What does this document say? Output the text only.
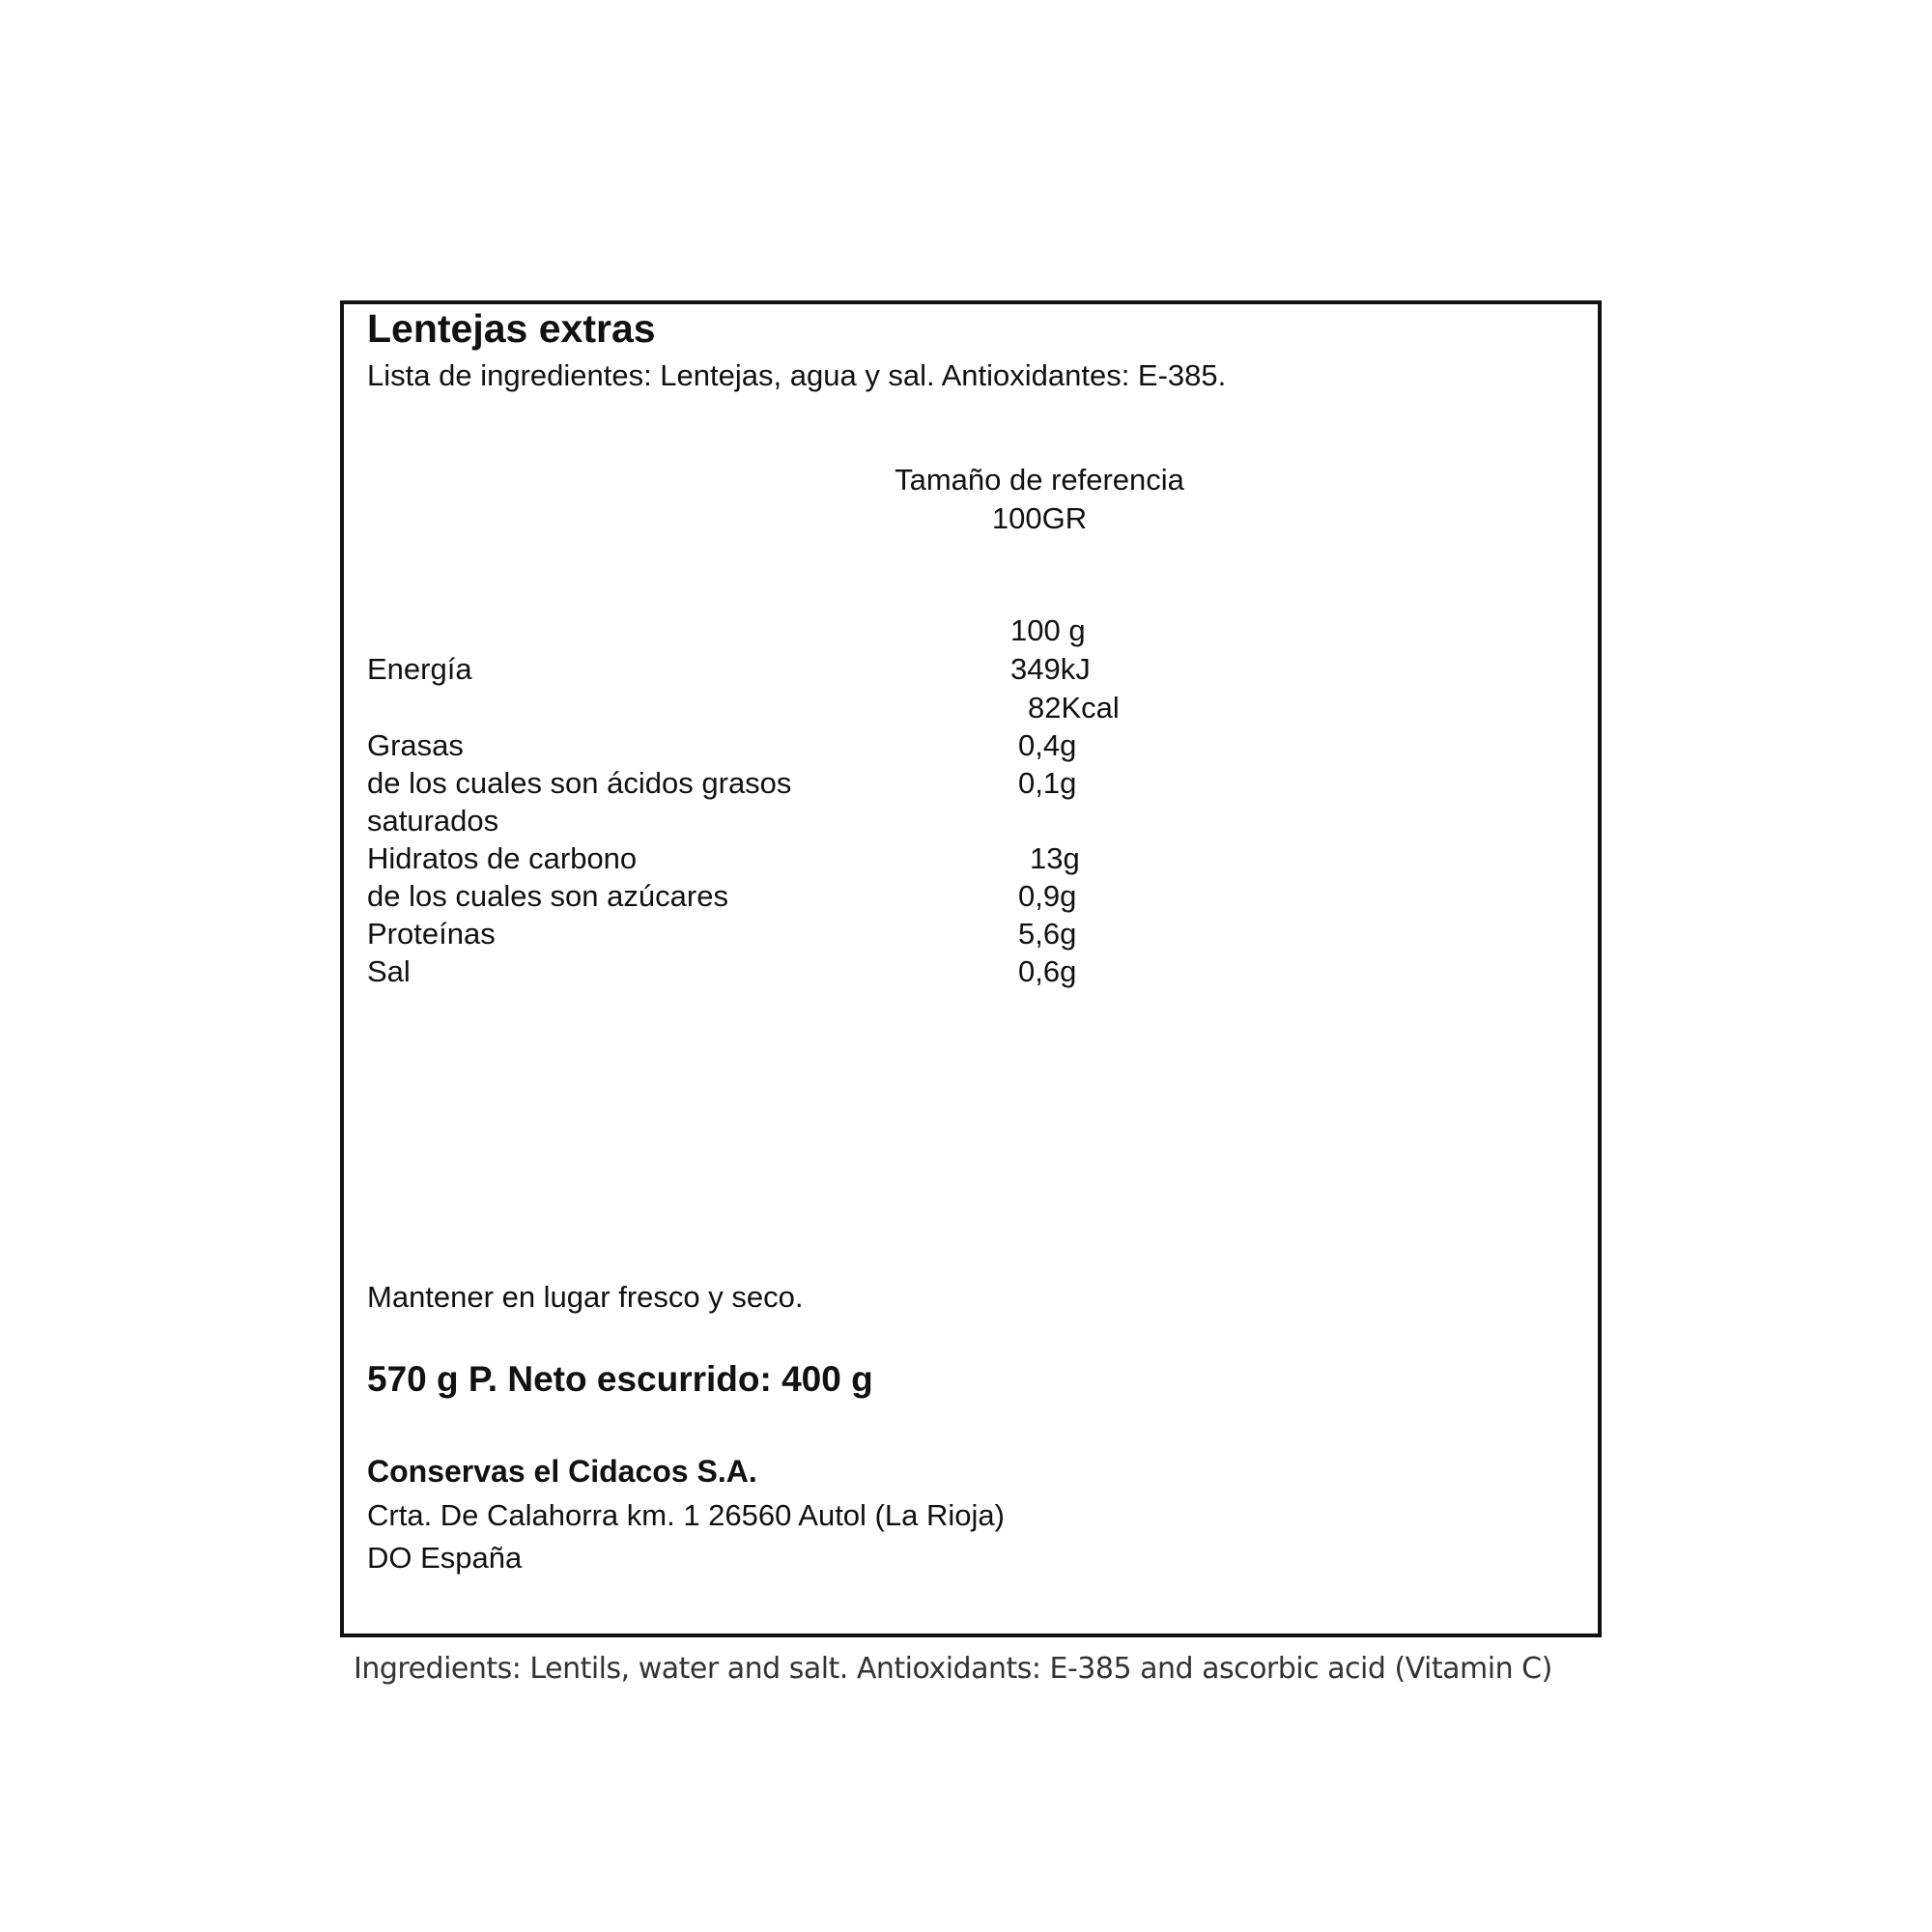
Lentejas extras
Lista de ingredientes: Lentejas, agua y sal. Antioxidantes: E-385.
Tamaño de referencia
100GR
100 g
Energía	349kJ
82Kcal
Grasas	0,4g
de los cuales son ácidos grasos	0,1g
saturados
Hidratos de carbono	13g
de los cuales son azúcares	0,9g
Proteínas	5,6g
Sal	0,6g
Mantener en lugar fresco y seco.
570 g P. Neto escurrido: 400 g
Conservas el Cidacos S.A.
Crta. De Calahorra km. 1 26560 Autol (La Rioja)
DO España
Ingredients: Lentils, water and salt. Antioxidants: E-385 and ascorbic acid (Vitamin C)
